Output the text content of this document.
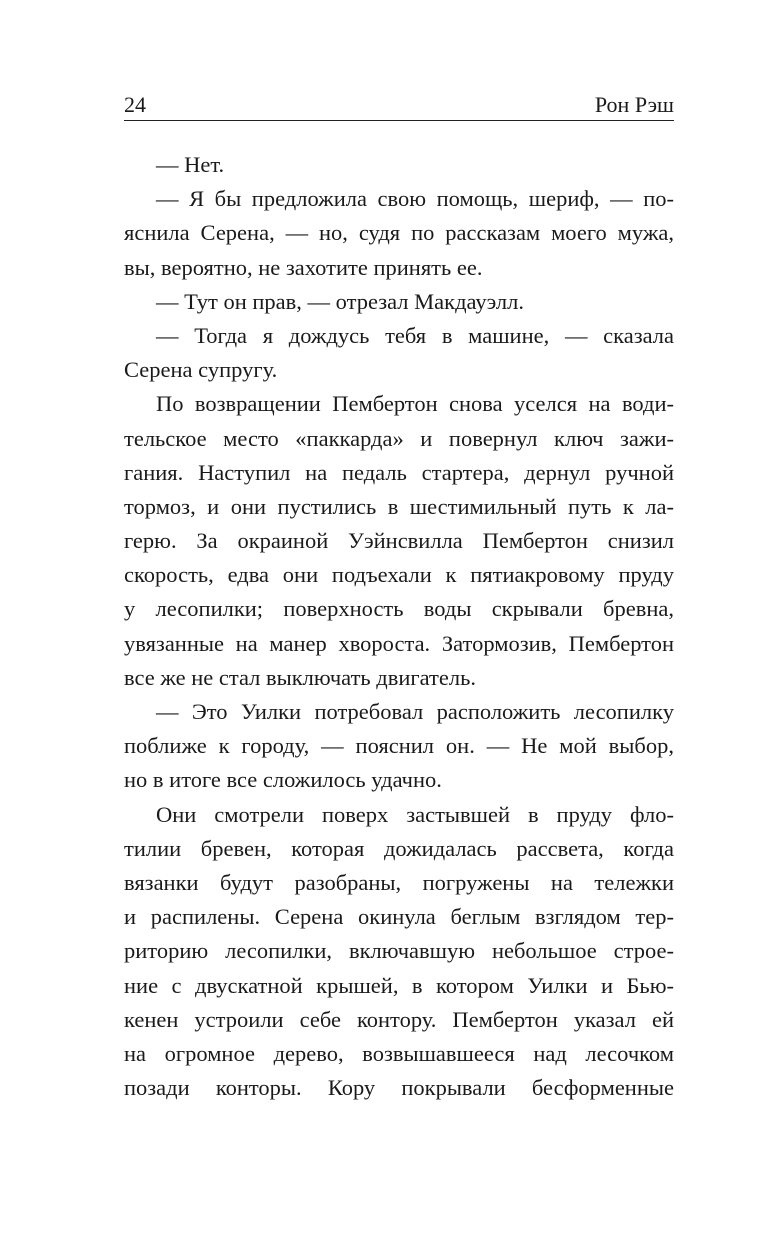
24	Рон Рэш
— Нет.
— Я бы предложила свою помощь, шериф, — по-
яснила Серена, — но, судя по рассказам моего мужа,
вы, вероятно, не захотите принять ее.
— Тут он прав, — отрезал Макдауэлл.
— Тогда я дождусь тебя в машине, — сказала
Серена супругу.
По возвращении Пембертон снова уселся на води-
тельское место «паккарда» и повернул ключ зажи-
гания. Наступил на педаль стартера, дернул ручной
тормоз, и они пустились в шестимильный путь к ла-
герю. За окраиной Уэйнсвилла Пембертон снизил
скорость, едва они подъехали к пятиакровому пруду
у лесопилки; поверхность воды скрывали бревна,
увязанные на манер хвороста. Затормозив, Пембертон
все же не стал выключать двигатель.
— Это Уилки потребовал расположить лесопилку
поближе к городу, — пояснил он. — Не мой выбор,
но в итоге все сложилось удачно.
Они смотрели поверх застывшей в пруду фло-
тилии бревен, которая дожидалась рассвета, когда
вязанки будут разобраны, погружены на тележки
и распилены. Серена окинула беглым взглядом тер-
риторию лесопилки, включавшую небольшое строе-
ние с двускатной крышей, в котором Уилки и Бью-
кенен устроили себе контору. Пембертон указал ей
на огромное дерево, возвышавшееся над лесочком
позади конторы. Кору покрывали бесформенные
